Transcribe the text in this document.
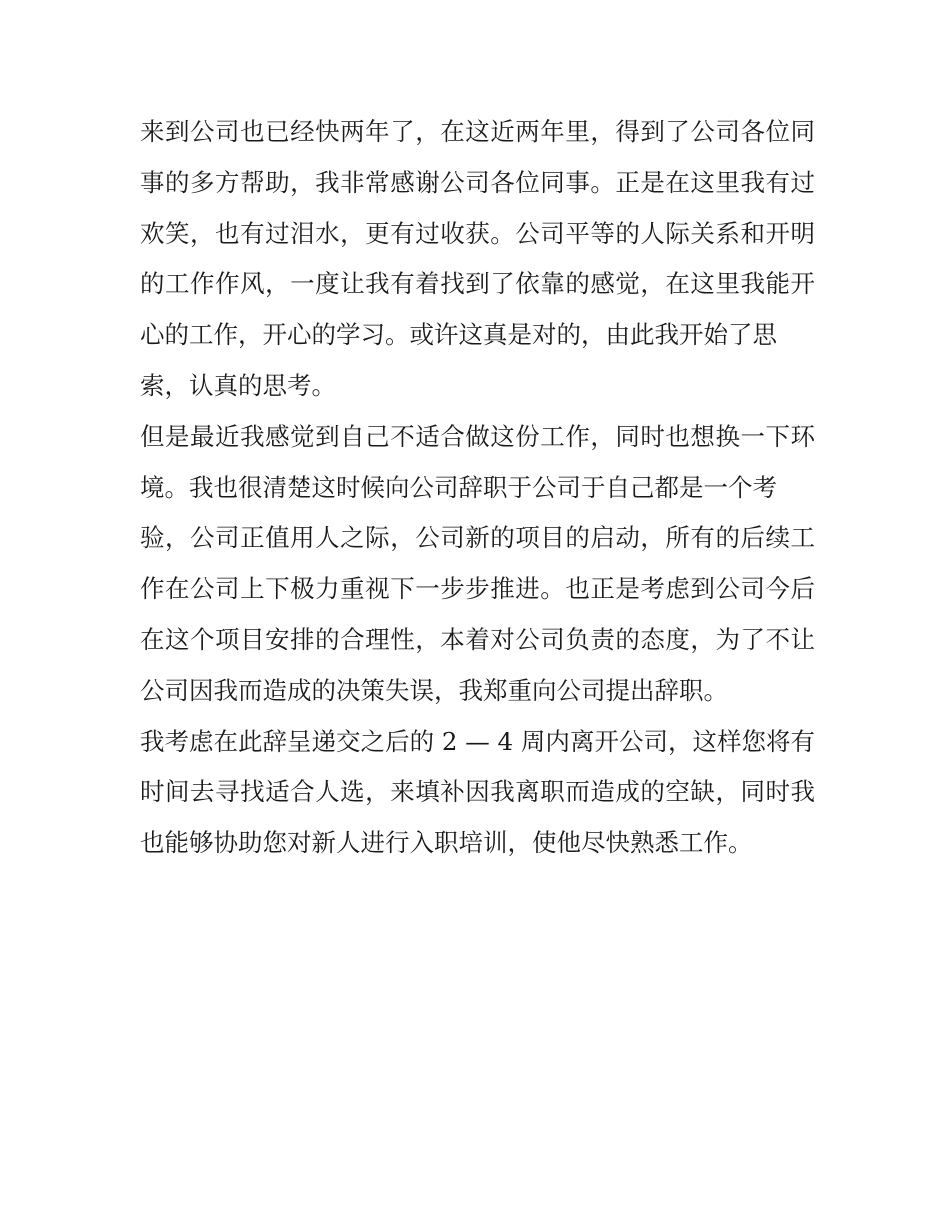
来到公司也已经快两年了，在这近两年里，得到了公司各位同
事的多方帮助，我非常感谢公司各位同事。正是在这里我有过
欢笑，也有过泪水，更有过收获。公司平等的人际关系和开明
的工作作风，一度让我有着找到了依靠的感觉，在这里我能开
心的工作，开心的学习。或许这真是对的，由此我开始了思
索，认真的思考。
但是最近我感觉到自己不适合做这份工作，同时也想换一下环
境。我也很清楚这时候向公司辞职于公司于自己都是一个考
验，公司正值用人之际，公司新的项目的启动，所有的后续工
作在公司上下极力重视下一步步推进。也正是考虑到公司今后
在这个项目安排的合理性，本着对公司负责的态度，为了不让
公司因我而造成的决策失误，我郑重向公司提出辞职。
我考虑在此辞呈递交之后的 2 — 4 周内离开公司，这样您将有
时间去寻找适合人选，来填补因我离职而造成的空缺，同时我
也能够协助您对新人进行入职培训，使他尽快熟悉工作。
